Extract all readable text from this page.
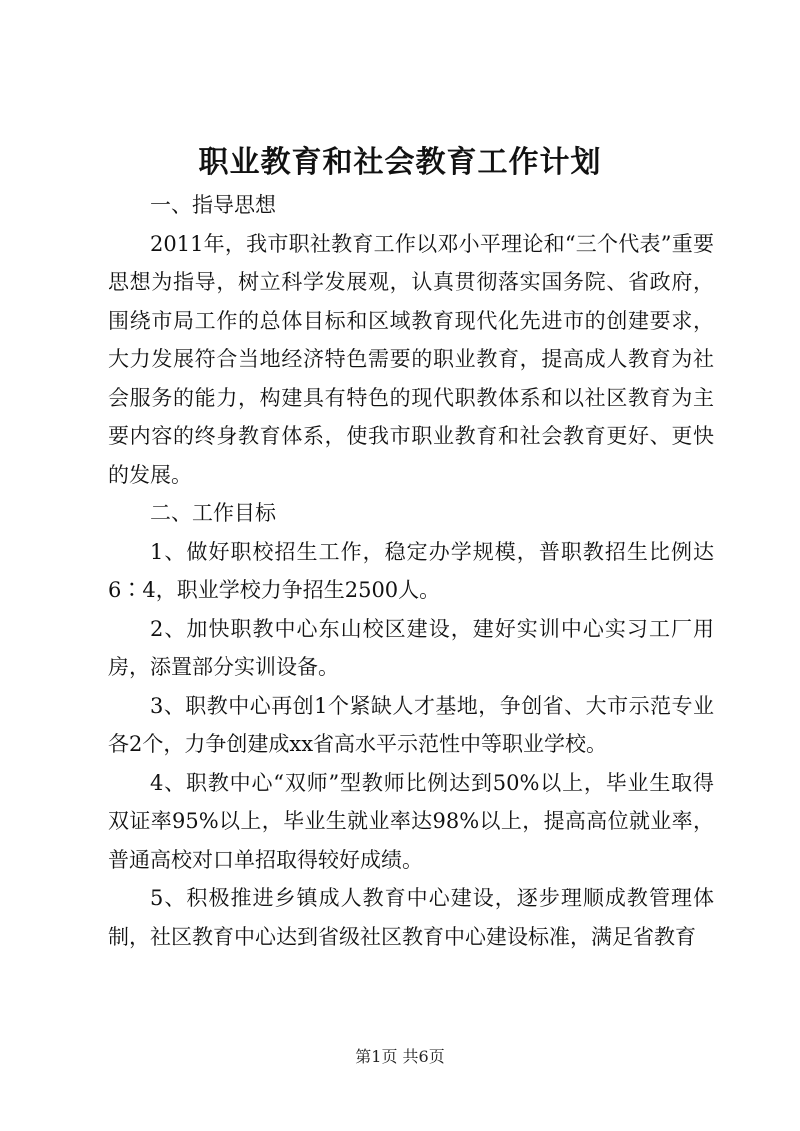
职业教育和社会教育工作计划

一、指导思想

2011年，我市职社教育工作以邓小平理论和“三个代表”重要思想为指导，树立科学发展观，认真贯彻落实国务院、省政府，围绕市局工作的总体目标和区域教育现代化先进市的创建要求，大力发展符合当地经济特色需要的职业教育，提高成人教育为社会服务的能力，构建具有特色的现代职教体系和以社区教育为主要内容的终身教育体系，使我市职业教育和社会教育更好、更快的发展。

二、工作目标

1、做好职校招生工作，稳定办学规模，普职教招生比例达6∶4，职业学校力争招生2500人。

2、加快职教中心东山校区建设，建好实训中心实习工厂用房，添置部分实训设备。

3、职教中心再创1个紧缺人才基地，争创省、大市示范专业各2个，力争创建成xx省高水平示范性中等职业学校。

4、职教中心“双师”型教师比例达到50%以上，毕业生取得双证率95%以上，毕业生就业率达98%以上，提高高位就业率，普通高校对口单招取得较好成绩。

5、积极推进乡镇成人教育中心建设，逐步理顺成教管理体制，社区教育中心达到省级社区教育中心建设标准，满足省教育

第1页 共6页
